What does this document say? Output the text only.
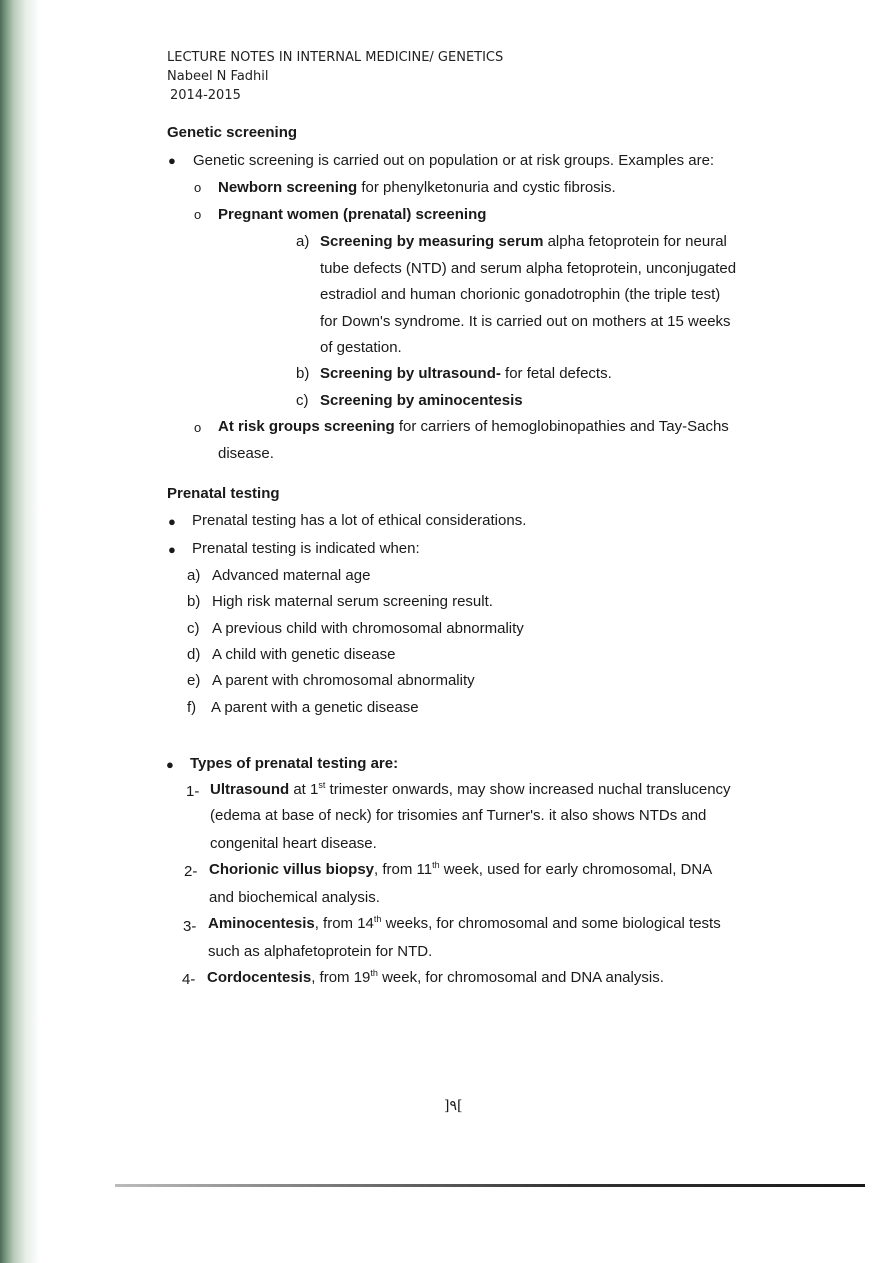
LECTURE NOTES IN INTERNAL MEDICINE/ GENETICS
Nabeel N Fadhil
2014-2015
Genetic screening
● Genetic screening is carried out on population or at risk groups. Examples are:
o Newborn screening for phenylketonuria and cystic fibrosis.
o Pregnant women (prenatal) screening
a) Screening by measuring serum alpha fetoprotein for neural
tube defects (NTD) and serum alpha fetoprotein, unconjugated
estradiol and human chorionic gonadotrophin (the triple test)
for Down's syndrome. It is carried out on mothers at 15 weeks
of gestation.
b) Screening by ultrasound- for fetal defects.
c) Screening by aminocentesis
o At risk groups screening for carriers of hemoglobinopathies and Tay-Sachs
disease.
Prenatal testing
● Prenatal testing has a lot of ethical considerations.
● Prenatal testing is indicated when:
a) Advanced maternal age
b) High risk maternal serum screening result.
c) A previous child with chromosomal abnormality
d) A child with genetic disease
e) A parent with chromosomal abnormality
f) A parent with a genetic disease
● Types of prenatal testing are:
1- Ultrasound at 1st trimester onwards, may show increased nuchal translucency
(edema at base of neck) for trisomies anf Turner's. it also shows NTDs and
congenital heart disease.
2- Chorionic villus biopsy, from 11th week, used for early chromosomal, DNA
and biochemical analysis.
3- Aminocentesis, from 14th weeks, for chromosomal and some biological tests
such as alphafetoprotein for NTD.
4- Cordocentesis, from 19th week, for chromosomal and DNA analysis.
]٩[
